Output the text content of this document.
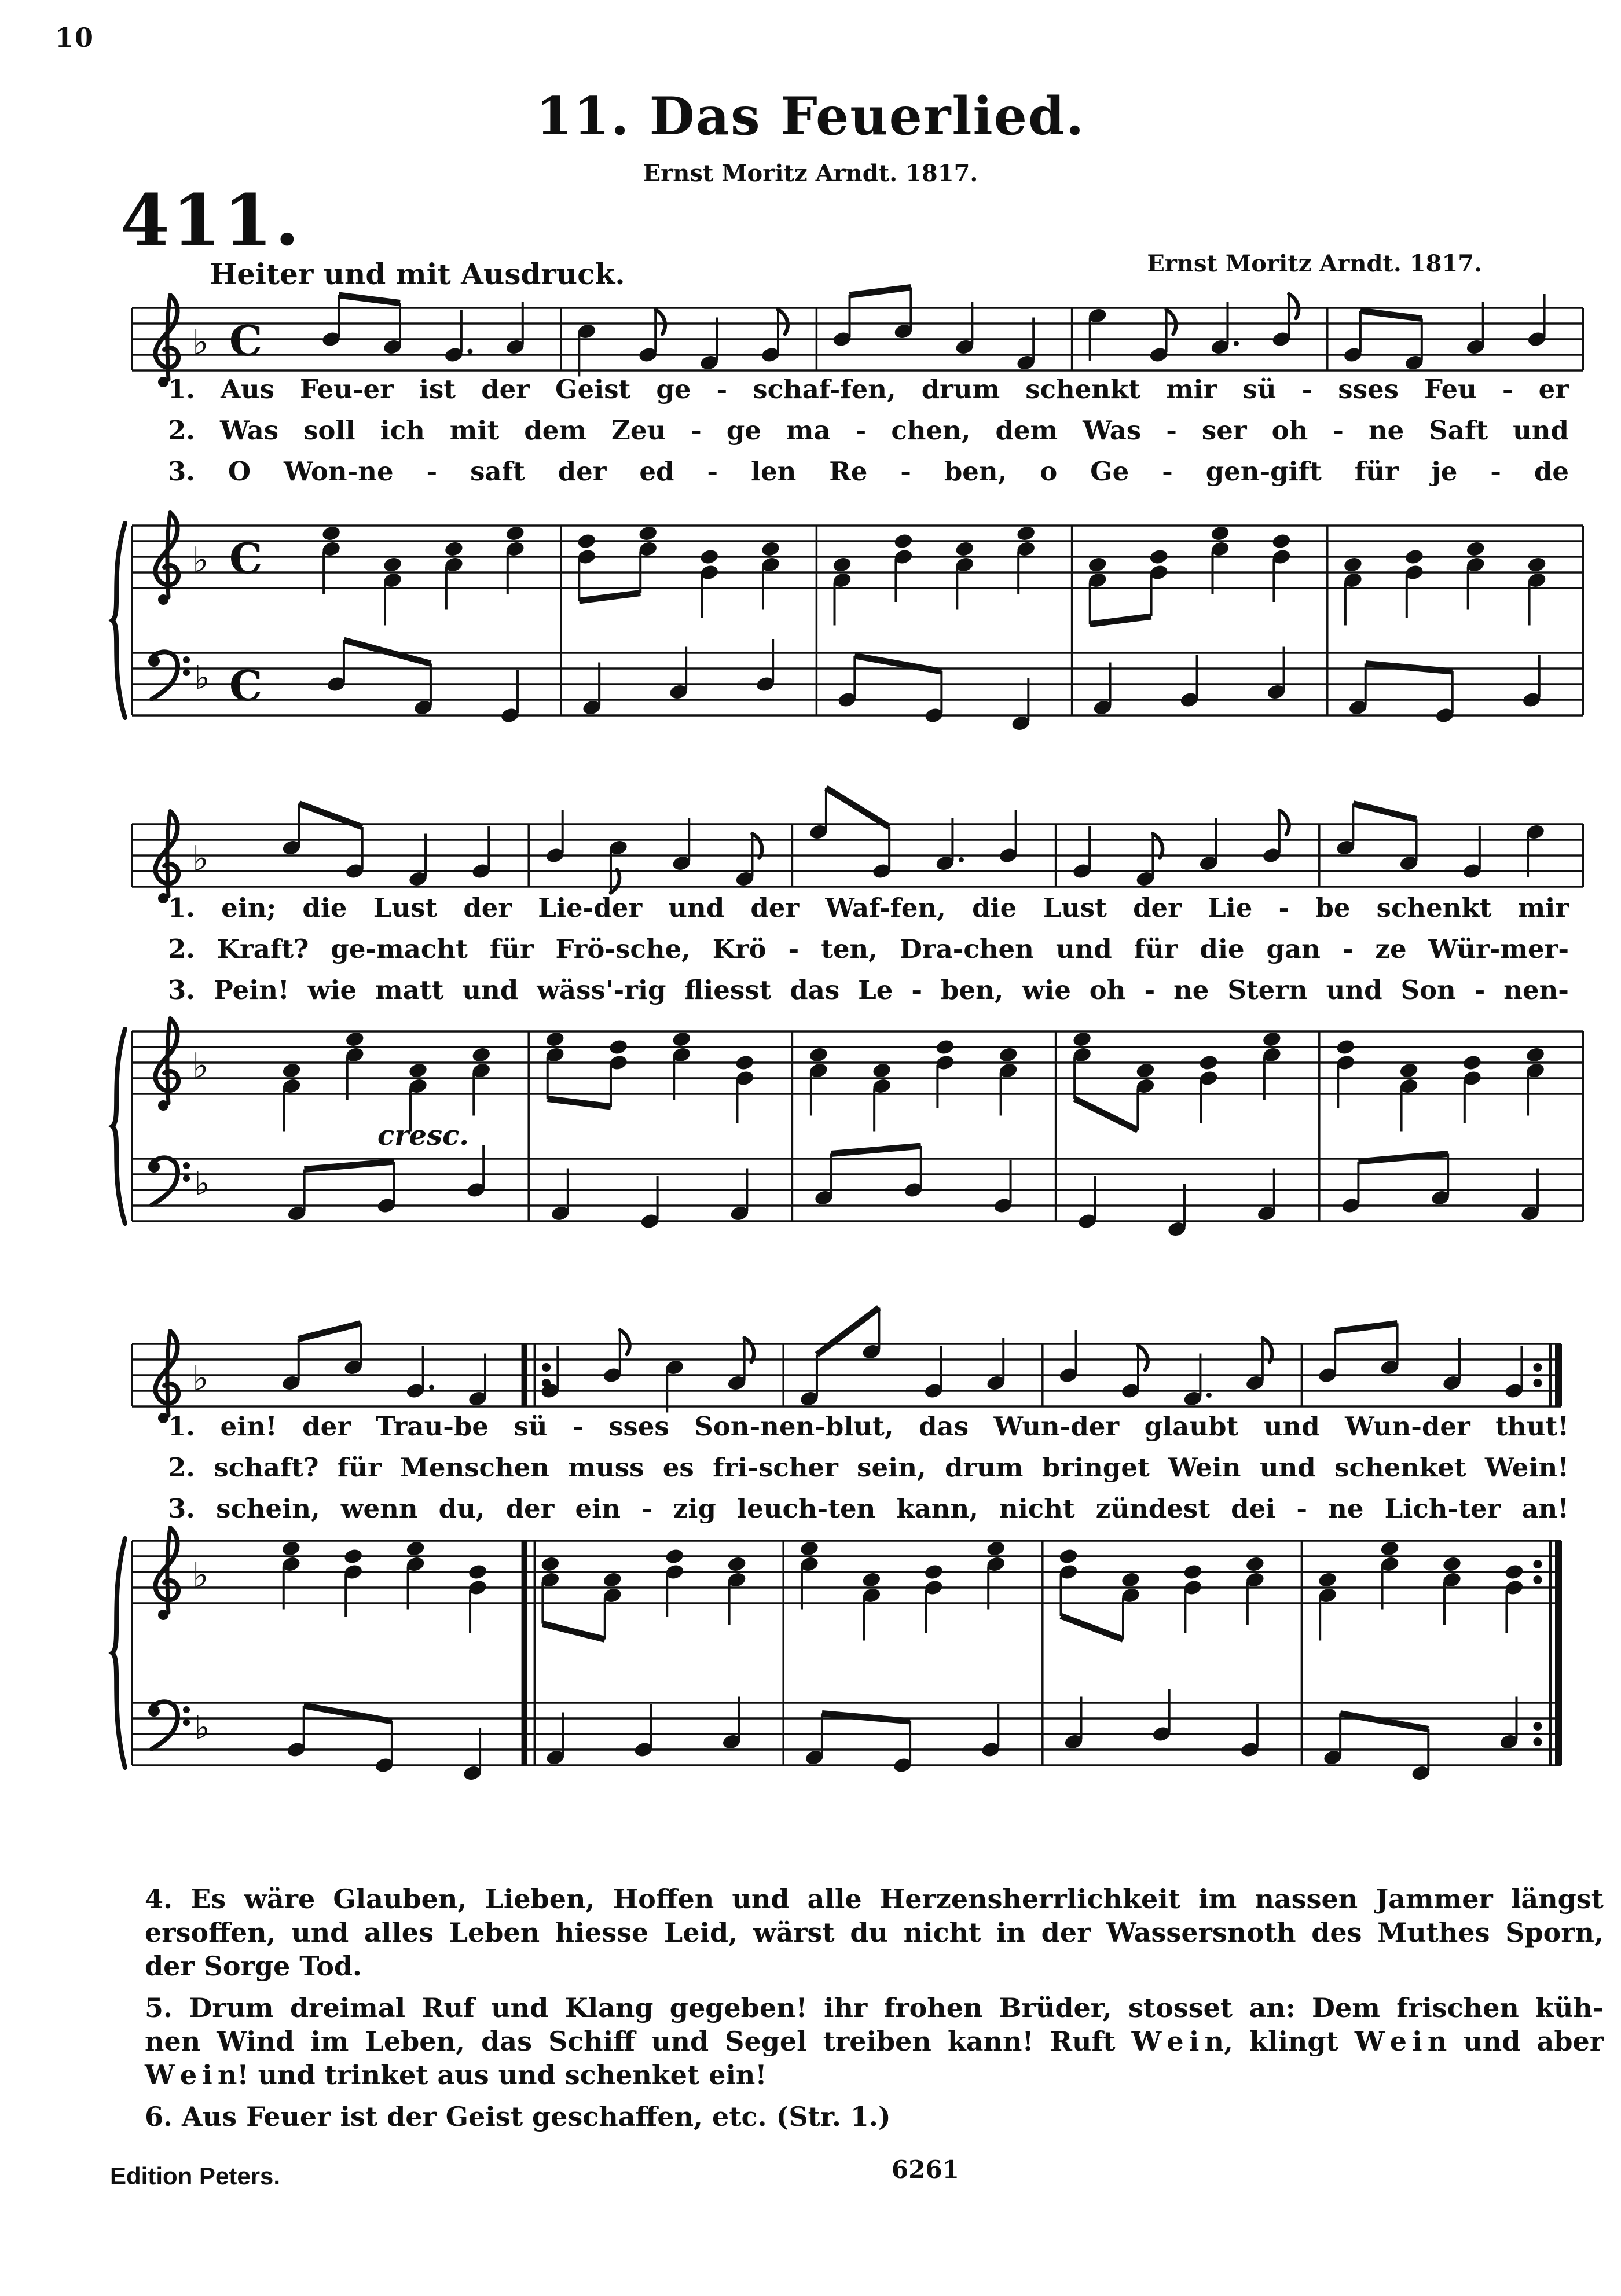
10
11. Das Feuerlied.
Ernst Moritz Arndt. 1817.
411.
Heiter und mit Ausdruck.	Ernst Moritz Arndt. 1817.
♭ C
♭
♭
C
C
♭
♭
♭
♭
♭
♭
1. Aus Feu-er ist der Geist ge - schaf-fen, drum schenkt mir sü - sses Feu - er
2. Was soll ich mit dem Zeu - ge ma - chen, dem Was - ser oh - ne Saft und
3. O Won-ne - saft der ed - len Re - ben, o Ge - gen-gift für je - de
1. ein; die Lust der Lie-der und der Waf-fen, die Lust der Lie - be schenkt mir
2. Kraft? ge-macht für Frö-sche, Krö - ten, Dra-chen und für die gan - ze Wür-mer-
3. Pein! wie matt und wäss'-rig fliesst das Le - ben, wie oh - ne Stern und Son - nen-
1. ein! der Trau-be sü - sses Son-nen-blut, das Wun-der glaubt und Wun-der thut!
2. schaft? für Menschen muss es fri-scher sein, drum bringet Wein und schenket Wein!
3. schein, wenn du, der ein - zig leuch-ten kann, nicht zündest dei - ne Lich-ter an!
cresc.
4. Es wäre Glauben, Lieben, Hoffen und alle Herzensherrlichkeit im nassen Jammer längst
ersoffen, und alles Leben hiesse Leid, wärst du nicht in der Wassersnoth des Muthes Sporn,
der Sorge Tod.
5. Drum dreimal Ruf und Klang gegeben! ihr frohen Brüder, stosset an: Dem frischen küh-
nen Wind im Leben, das Schiff und Segel treiben kann! Ruft W e i n, klingt W e i n und aber
W e i n! und trinket aus und schenket ein!
6. Aus Feuer ist der Geist geschaffen, etc. (Str. 1.)
Edition Peters.	6261
